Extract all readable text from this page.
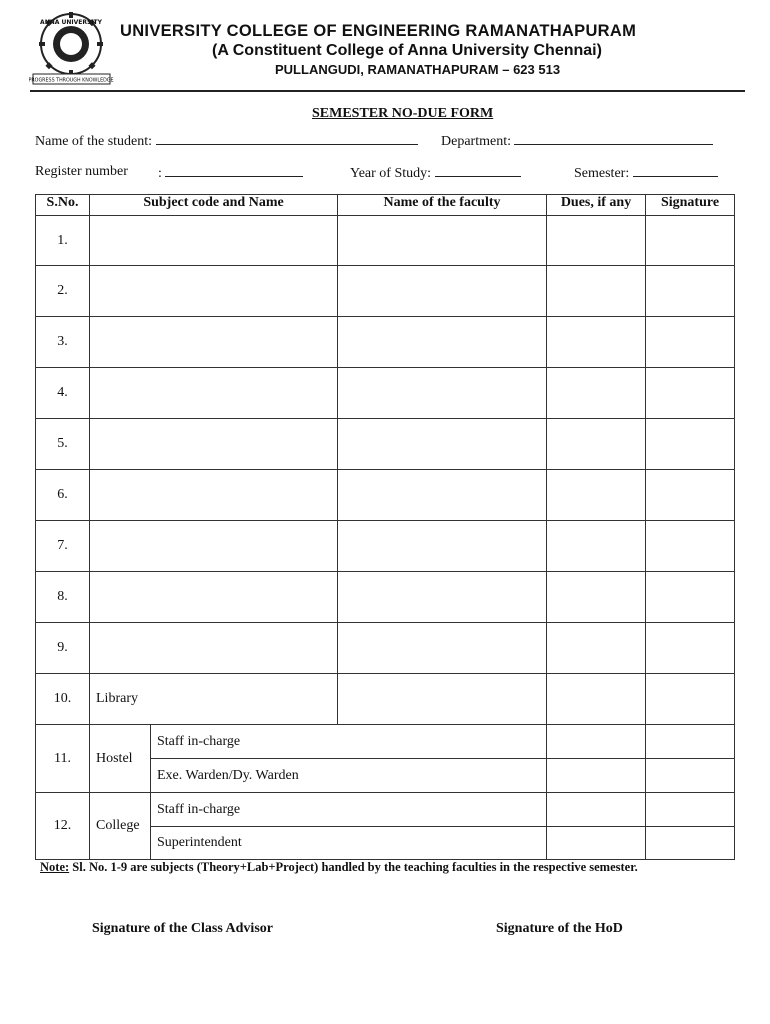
ANNA UNIVERSITY
PROGRESS THROUGH KNOWLEDGE
UNIVERSITY COLLEGE OF ENGINEERING RAMANATHAPURAM
(A Constituent College of Anna University Chennai)
PULLANGUDI, RAMANATHAPURAM – 623 513
SEMESTER NO-DUE FORM
Name of the student:	Department:
Register number :	Year of Study:	Semester:
S.No.	Subject code and Name		Name of the faculty	Dues, if any	Signature
1.					
2.					
3.					
4.					
5.					
6.					
7.					
8.					
9.					
10.	Library				
11.	Hostel	Staff in-charge			
		Exe. Warden/Dy. Warden			
12.	College	Staff in-charge			
		Superintendent			
Note: Sl. No. 1-9 are subjects (Theory+Lab+Project) handled by the teaching faculties in the respective semester.
Signature of the Class Advisor	Signature of the HoD
